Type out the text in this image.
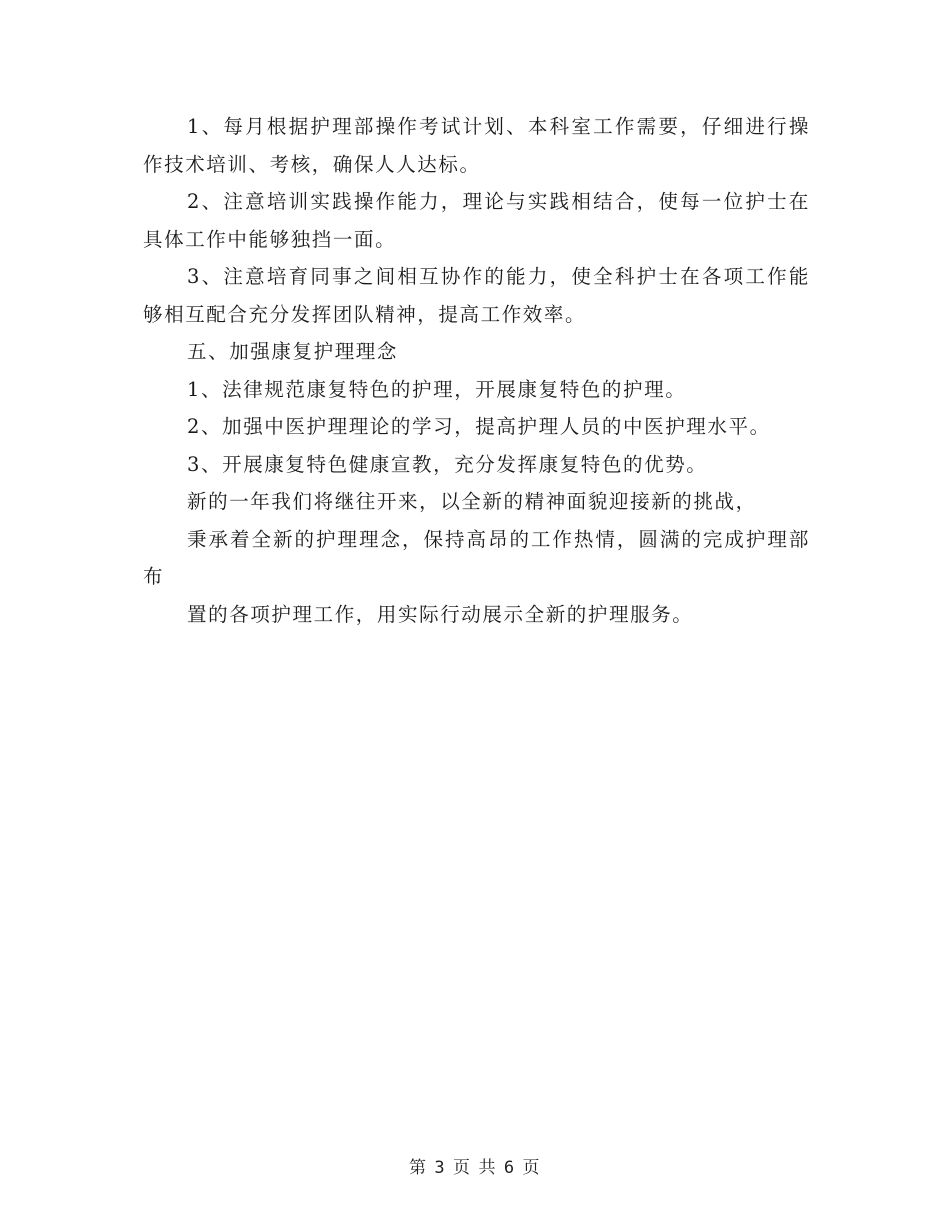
1、每月根据护理部操作考试计划、本科室工作需要，仔细进行操作技术培训、考核，确保人人达标。

2、注意培训实践操作能力，理论与实践相结合，使每一位护士在具体工作中能够独挡一面。

3、注意培育同事之间相互协作的能力，使全科护士在各项工作能够相互配合充分发挥团队精神，提高工作效率。

五、加强康复护理理念

1、法律规范康复特色的护理，开展康复特色的护理。

2、加强中医护理理论的学习，提高护理人员的中医护理水平。

3、开展康复特色健康宣教，充分发挥康复特色的优势。

新的一年我们将继往开来，以全新的精神面貌迎接新的挑战，

秉承着全新的护理理念，保持高昂的工作热情，圆满的完成护理部布

置的各项护理工作，用实际行动展示全新的护理服务。

第 3 页 共 6 页
